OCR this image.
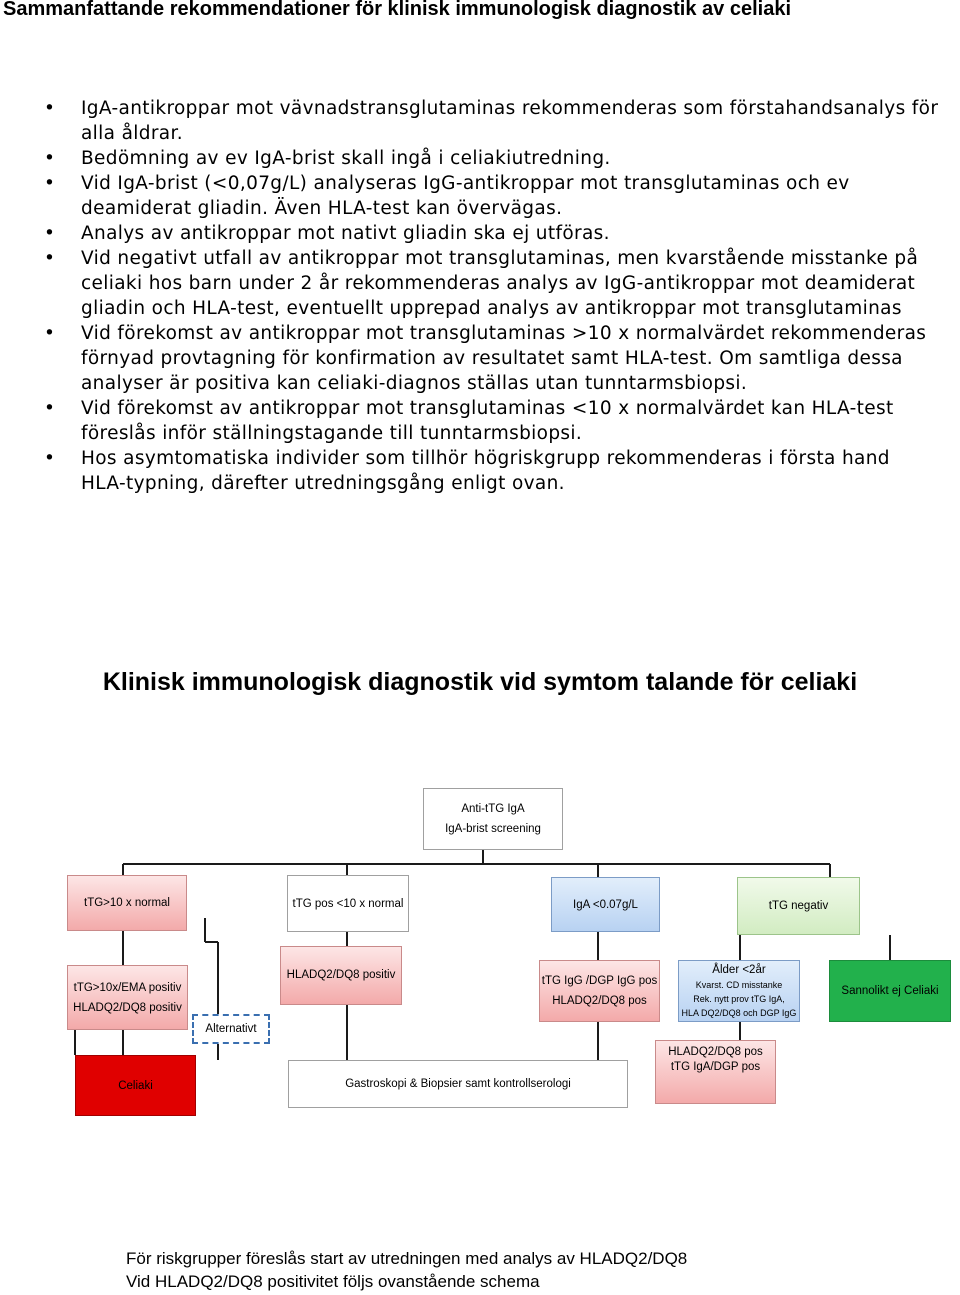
Sammanfattande rekommendationer för klinisk immunologisk diagnostik av celiaki
• IgA-antikroppar mot vävnadstransglutaminas rekommenderas som förstahandsanalys för alla åldrar.
• Bedömning av ev IgA-brist skall ingå i celiakiutredning.
• Vid IgA-brist (<0,07g/L) analyseras IgG-antikroppar mot transglutaminas och ev deamiderat gliadin. Även HLA-test kan övervägas.
• Analys av antikroppar mot nativt gliadin ska ej utföras.
• Vid negativt utfall av antikroppar mot transglutaminas, men kvarstående misstanke på celiaki hos barn under 2 år rekommenderas analys av IgG-antikroppar mot deamiderat gliadin och HLA-test, eventuellt upprepad analys av antikroppar mot transglutaminas
• Vid förekomst av antikroppar mot transglutaminas >10 x normalvärdet rekommenderas förnyad provtagning för konfirmation av resultatet samt HLA-test. Om samtliga dessa analyser är positiva kan celiaki-diagnos ställas utan tunntarmsbiopsi.
• Vid förekomst av antikroppar mot transglutaminas <10 x normalvärdet kan HLA-test föreslås inför ställningstagande till tunntarmsbiopsi.
• Hos asymtomatiska individer som tillhör högriskgrupp rekommenderas i första hand HLA-typning, därefter utredningsgång enligt ovan.
Klinisk immunologisk diagnostik vid symtom talande för celiaki
Anti-tTG IgA
IgA-brist screening
tTG>10 x normal	tTG pos <10 x normal	IgA <0.07g/L	tTG negativ
tTG>10x/EMA positiv
HLADQ2/DQ8 positiv
Alternativt
HLADQ2/DQ8 positiv	tTG IgG /DGP IgG pos
HLADQ2/DQ8 pos
Ålder <2år
Kvarst. CD misstanke
Rek. nytt prov tTG IgA,
HLA DQ2/DQ8 och DGP IgG
Sannolikt ej Celiaki
Celiaki	Gastroskopi & Biopsier samt kontrollserologi
HLADQ2/DQ8 pos
tTG IgA/DGP pos
För riskgrupper föreslås start av utredningen med analys av HLADQ2/DQ8
Vid HLADQ2/DQ8 positivitet följs ovanstående schema
